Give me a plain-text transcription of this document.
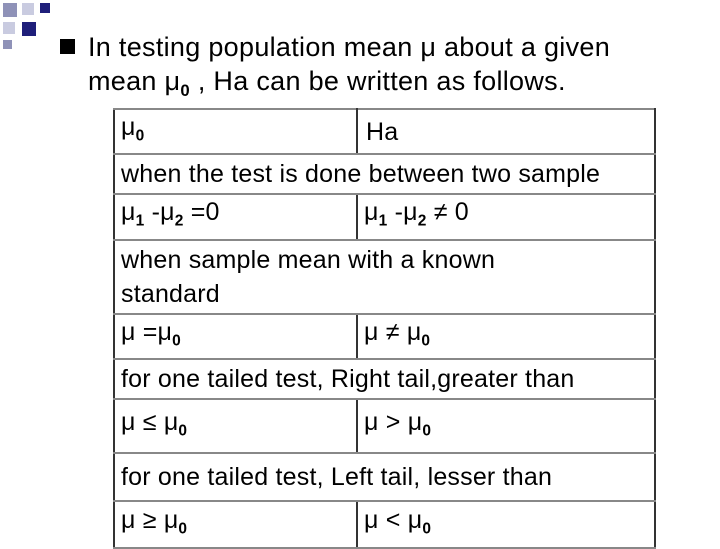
In testing population mean μ about a given mean $\mu_0$ , Ha can be written as follows.
$\mu_0$	Ha
when the test is done between two sample	
$\mu_1$ $-\mu_2 =0$	$\mu_1$ $-\mu_2 \ne 0$
when sample mean with a known standard	
$\mu =\mu_0$	$\mu \ne \mu_0$
for one tailed test, Right tail,greater than	
$\mu \le \mu_0$	$\mu > \mu_0$
for one tailed test, Left tail, lesser than	
$\mu \ge \mu_0$	$\mu < \mu_0$
